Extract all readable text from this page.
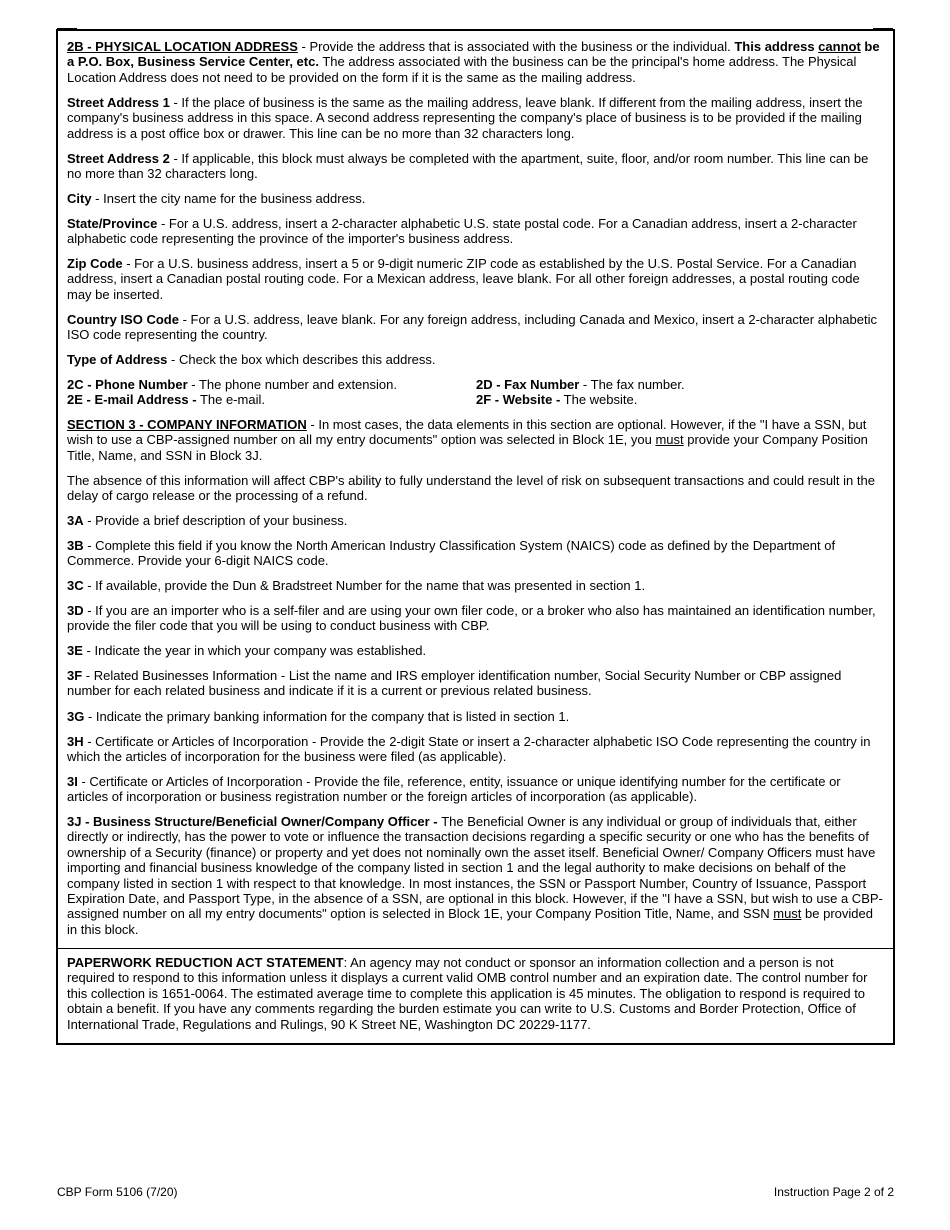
2B - PHYSICAL LOCATION ADDRESS - Provide the address that is associated with the business or the individual. This address cannot be a P.O. Box, Business Service Center, etc. The address associated with the business can be the principal's home address. The Physical Location Address does not need to be provided on the form if it is the same as the mailing address.

Street Address 1 - If the place of business is the same as the mailing address, leave blank. If different from the mailing address, insert the company's business address in this space. A second address representing the company's place of business is to be provided if the mailing address is a post office box or drawer. This line can be no more than 32 characters long.

Street Address 2 - If applicable, this block must always be completed with the apartment, suite, floor, and/or room number. This line can be no more than 32 characters long.

City - Insert the city name for the business address.

State/Province - For a U.S. address, insert a 2-character alphabetic U.S. state postal code. For a Canadian address, insert a 2-character alphabetic code representing the province of the importer's business address.

Zip Code - For a U.S. business address, insert a 5 or 9-digit numeric ZIP code as established by the U.S. Postal Service. For a Canadian address, insert a Canadian postal routing code. For a Mexican address, leave blank. For all other foreign addresses, a postal routing code may be inserted.

Country ISO Code - For a U.S. address, leave blank. For any foreign address, including Canada and Mexico, insert a 2-character alphabetic ISO code representing the country.

Type of Address - Check the box which describes this address.

2C - Phone Number - The phone number and extension.	2D - Fax Number - The fax number.
2E - E-mail Address - The e-mail.	2F - Website - The website.

SECTION 3 - COMPANY INFORMATION - In most cases, the data elements in this section are optional. However, if the "I have a SSN, but wish to use a CBP-assigned number on all my entry documents" option was selected in Block 1E, you must provide your Company Position Title, Name, and SSN in Block 3J.

The absence of this information will affect CBP's ability to fully understand the level of risk on subsequent transactions and could result in the delay of cargo release or the processing of a refund.

3A - Provide a brief description of your business.

3B - Complete this field if you know the North American Industry Classification System (NAICS) code as defined by the Department of Commerce. Provide your 6-digit NAICS code.

3C - If available, provide the Dun & Bradstreet Number for the name that was presented in section 1.

3D - If you are an importer who is a self-filer and are using your own filer code, or a broker who also has maintained an identification number, provide the filer code that you will be using to conduct business with CBP.

3E - Indicate the year in which your company was established.

3F - Related Businesses Information - List the name and IRS employer identification number, Social Security Number or CBP assigned number for each related business and indicate if it is a current or previous related business.

3G - Indicate the primary banking information for the company that is listed in section 1.

3H - Certificate or Articles of Incorporation - Provide the 2-digit State or insert a 2-character alphabetic ISO Code representing the country in which the articles of incorporation for the business were filed (as applicable).

3I - Certificate or Articles of Incorporation - Provide the file, reference, entity, issuance or unique identifying number for the certificate or articles of incorporation or business registration number or the foreign articles of incorporation (as applicable).

3J - Business Structure/Beneficial Owner/Company Officer - The Beneficial Owner is any individual or group of individuals that, either directly or indirectly, has the power to vote or influence the transaction decisions regarding a specific security or one who has the benefits of ownership of a Security (finance) or property and yet does not nominally own the asset itself. Beneficial Owner/ Company Officers must have importing and financial business knowledge of the company listed in section 1 and the legal authority to make decisions on behalf of the company listed in section 1 with respect to that knowledge. In most instances, the SSN or Passport Number, Country of Issuance, Passport Expiration Date, and Passport Type, in the absence of a SSN, are optional in this block. However, if the "I have a SSN, but wish to use a CBP-assigned number on all my entry documents" option is selected in Block 1E, your Company Position Title, Name, and SSN must be provided in this block.

PAPERWORK REDUCTION ACT STATEMENT: An agency may not conduct or sponsor an information collection and a person is not required to respond to this information unless it displays a current valid OMB control number and an expiration date. The control number for this collection is 1651-0064. The estimated average time to complete this application is 45 minutes. The obligation to respond is required to obtain a benefit. If you have any comments regarding the burden estimate you can write to U.S. Customs and Border Protection, Office of International Trade, Regulations and Rulings, 90 K Street NE, Washington DC 20229-1177.

CBP Form 5106 (7/20)	Instruction Page 2 of 2
